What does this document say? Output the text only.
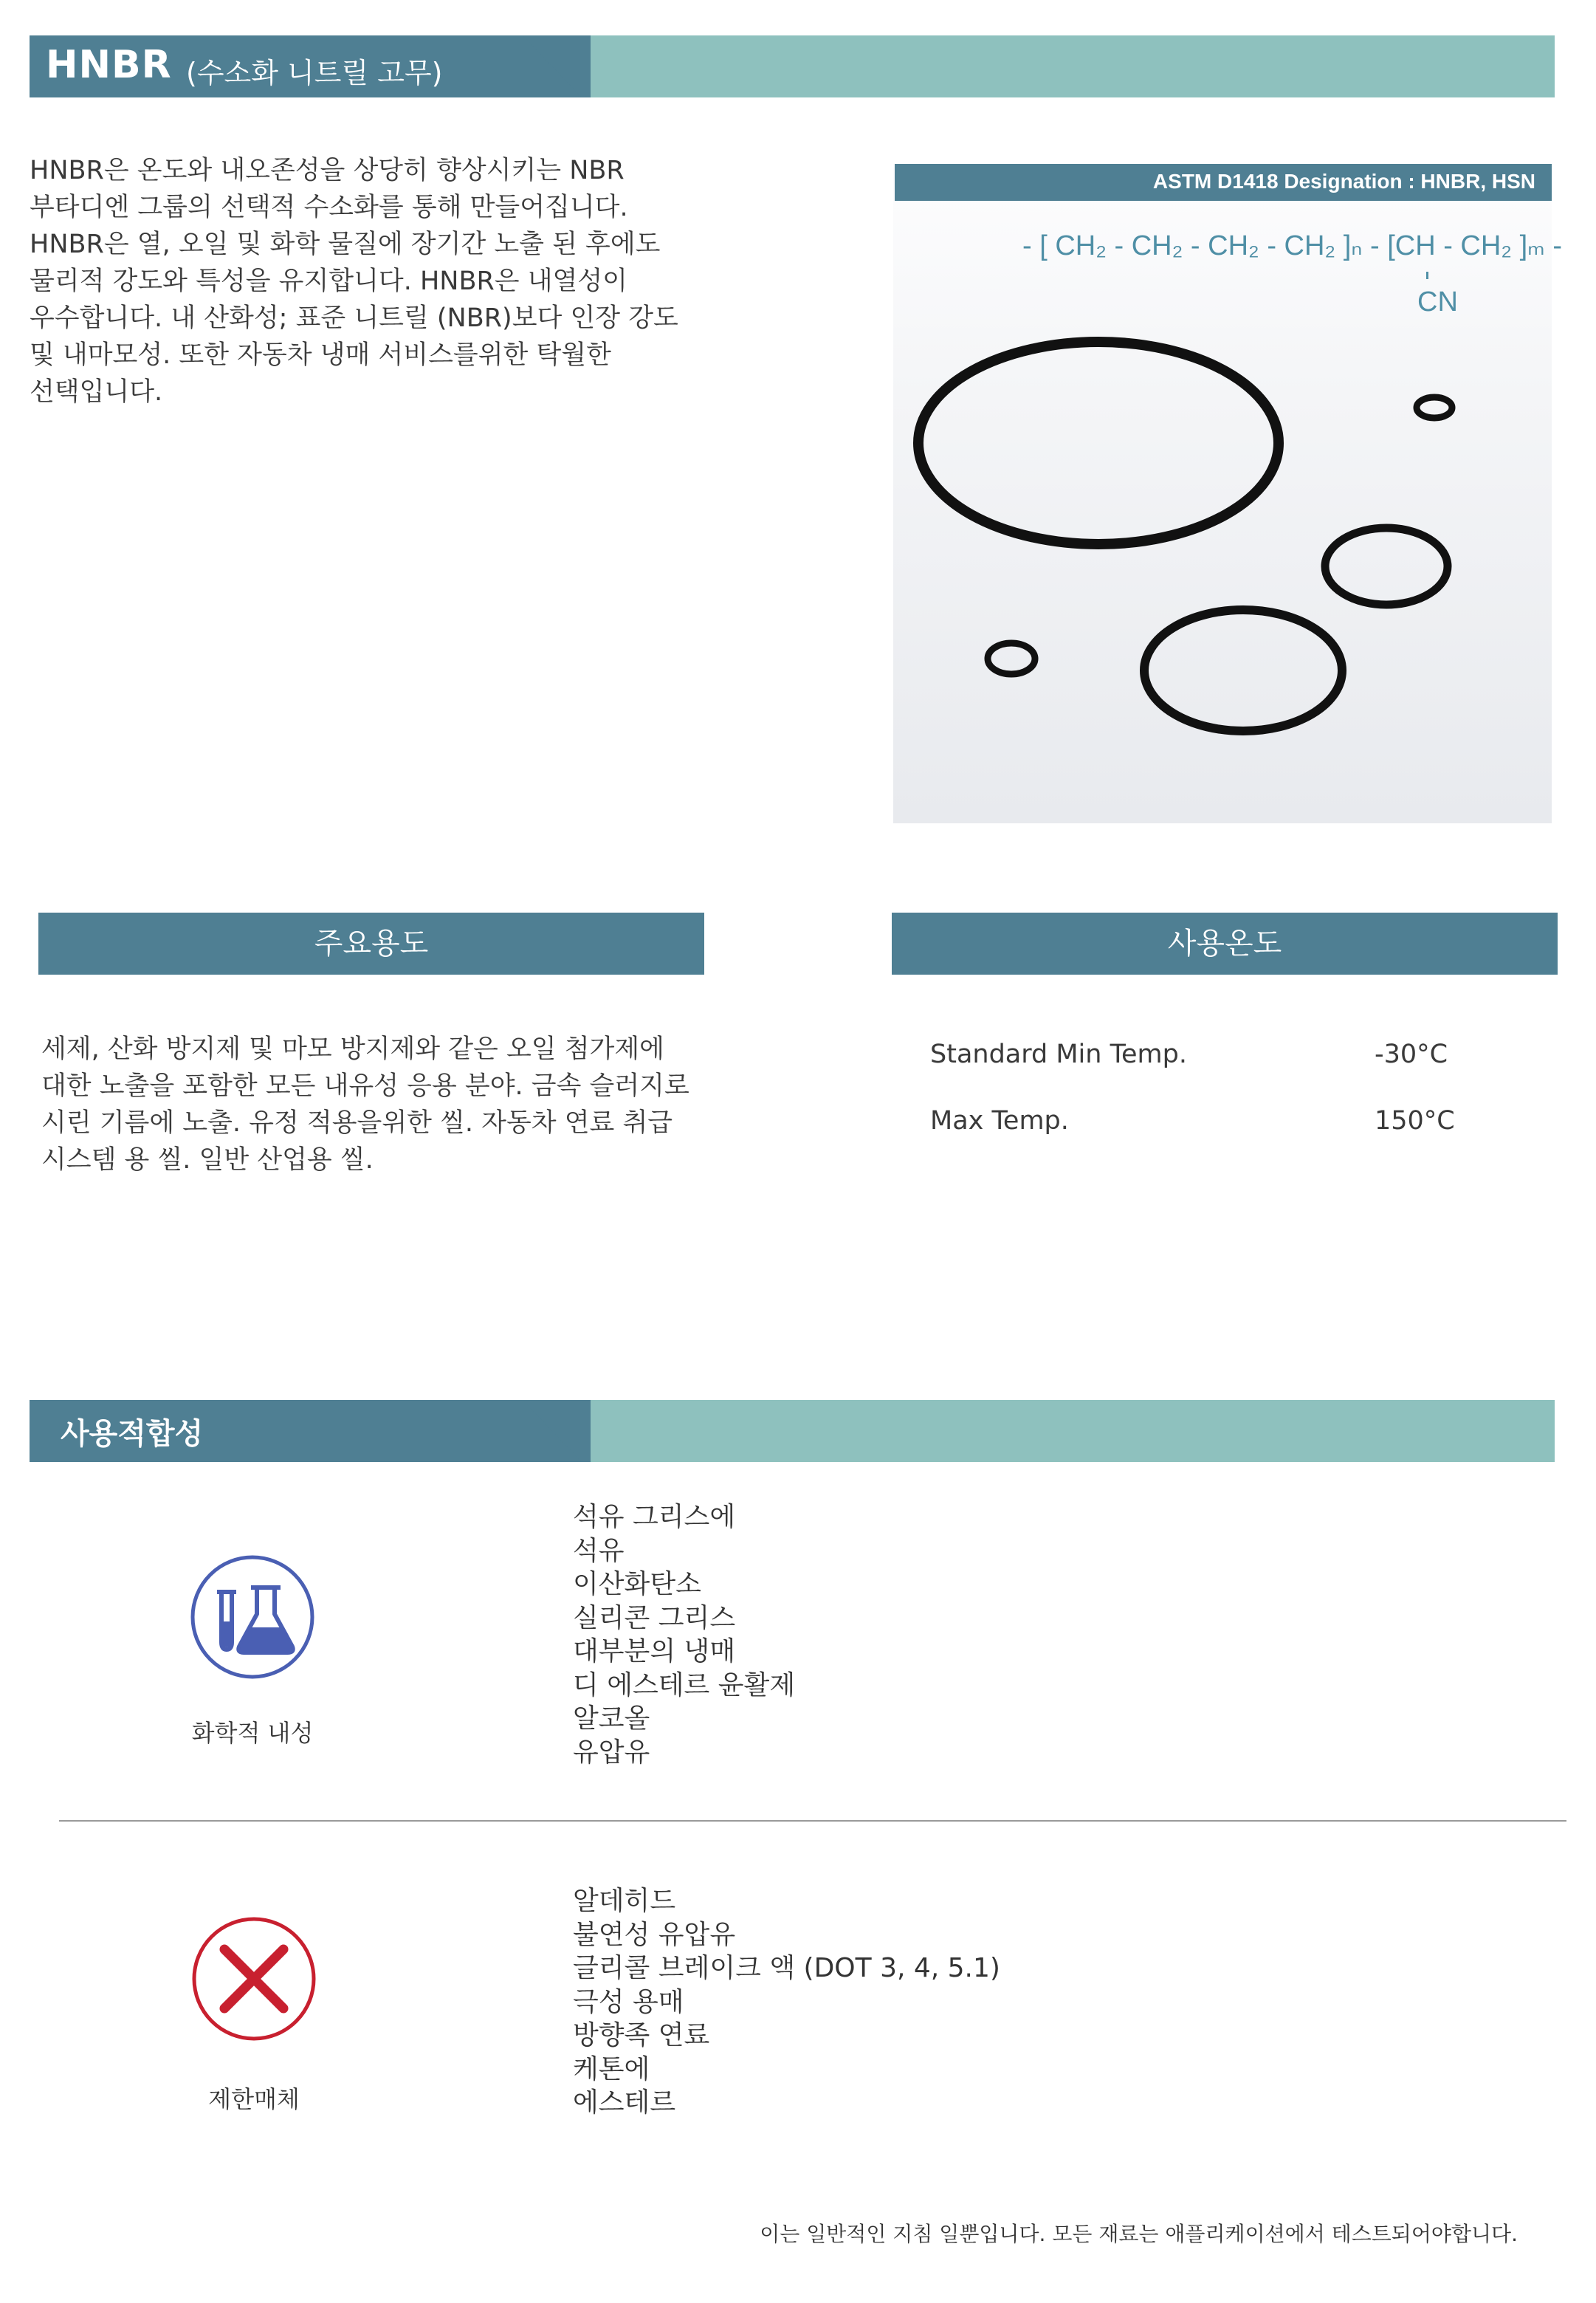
HNBR (수소화 니트릴 고무)

HNBR은 온도와 내오존성을 상당히 향상시키는 NBR

부타디엔 그룹의 선택적 수소화를 통해 만들어집니다.

HNBR은 열, 오일 및 화학 물질에 장기간 노출 된 후에도

물리적 강도와 특성을 유지합니다. HNBR은 내열성이

우수합니다. 내 산화성; 표준 니트릴 (NBR)보다 인장 강도

및 내마모성. 또한 자동차 냉매 서비스를위한 탁월한

선택입니다.

ASTM D1418 Designation : HNBR, HSN
- [ CH₂ - CH₂ - CH₂ - CH₂ ]ₙ - [CH - CH₂ ]ₘ -
CN
주요용도	사용온도

세제, 산화 방지제 및 마모 방지제와 같은 오일 첨가제에

대한 노출을 포함한 모든 내유성 응용 분야. 금속 슬러지로

시린 기름에 노출. 유정 적용을위한 씰. 자동차 연료 취급

시스템 용 씰. 일반 산업용 씰.

Standard Min Temp.	-30°C
Max Temp.	150°C
사용적합성
화학적 내성
석유 그리스에
석유
이산화탄소
실리콘 그리스
대부분의 냉매
디 에스테르 윤활제
알코올
유압유
제한매체
알데히드
불연성 유압유
글리콜 브레이크 액 (DOT 3, 4, 5.1)
극성 용매
방향족 연료
케톤에
에스테르
이는 일반적인 지침 일뿐입니다. 모든 재료는 애플리케이션에서 테스트되어야합니다.
